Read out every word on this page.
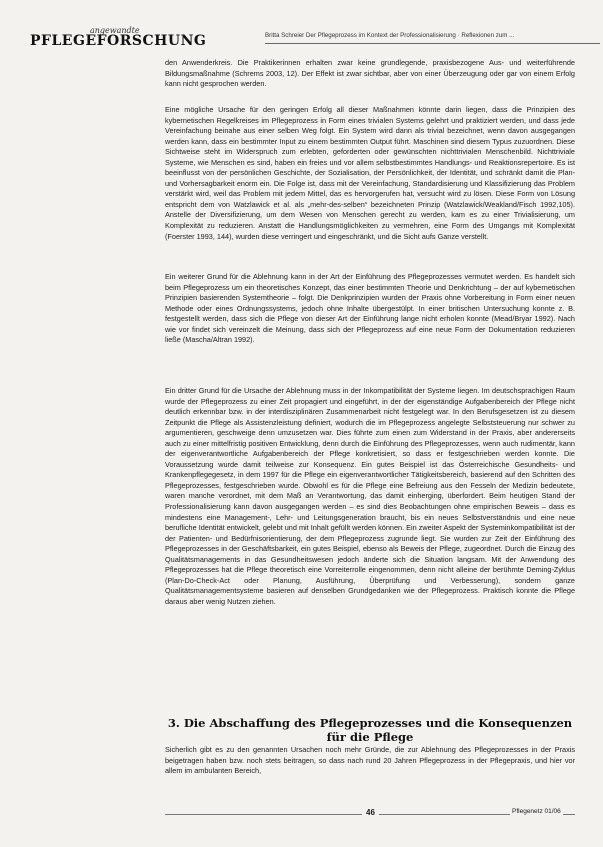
angewandte
PFLEGEFORSCHUNG	Britta Schreier Der Pflegeprozess im Kontext der Professionalisierung · Reflexionen zum ...

den Anwenderkreis. Die Praktikerinnen erhalten zwar keine grundlegende, praxisbezogene Aus- und weiterführende Bildungsmaßnahme (Schrems 2003, 12). Der Effekt ist zwar sichtbar, aber von einer Überzeugung oder gar von einem Erfolg kann nicht gesprochen werden.

Eine mögliche Ursache für den geringen Erfolg all dieser Maßnahmen könnte darin liegen, dass die Prinzipien des kybernetischen Regelkreises im Pflegeprozess in Form eines trivialen Systems gelehrt und praktiziert werden, und dass jede Vereinfachung beinahe aus einer selben Weg folgt. Ein System wird dann als trivial bezeichnet, wenn davon ausgegangen werden kann, dass ein bestimmter Input zu einem bestimmten Output führt. Maschinen sind diesem Typus zuzuordnen. Diese Sichtweise steht im Widerspruch zum erlebten, geforderten oder gewünschten nichttrivialen Menschenbild. Nichttriviale Systeme, wie Menschen es sind, haben ein freies und vor allem selbstbestimmtes Handlungs- und Reaktionsrepertoire. Es ist beeinflusst von der persönlichen Geschichte, der Sozialisation, der Persönlichkeit, der Identität, und schränkt damit die Plan- und Vorhersagbarkeit enorm ein. Die Folge ist, dass mit der Vereinfachung, Standardisierung und Klassifizierung das Problem verstärkt wird, weil das Problem mit jedem Mittel, das es hervorgerufen hat, versucht wird zu lösen. Diese Form von Lösung entspricht dem von Watzlawick et al. als „mehr-des-selben“ bezeichneten Prinzip (Watzlawick/Weakland/Fisch 1992,105). Anstelle der Diversifizierung, um dem Wesen von Menschen gerecht zu werden, kam es zu einer Trivialisierung, um Komplexität zu reduzieren. Anstatt die Handlungsmöglichkeiten zu vermehren, eine Form des Umgangs mit Komplexität (Foerster 1993, 144), wurden diese verringert und eingeschränkt, und die Sicht aufs Ganze verstellt.

Ein weiterer Grund für die Ablehnung kann in der Art der Einführung des Pflegeprozesses vermutet werden. Es handelt sich beim Pflegeprozess um ein theoretisches Konzept, das einer bestimmten Theorie und Denkrichtung – der auf kybernetischen Prinzipien basierenden Systemtheorie – folgt. Die Denkprinzipien wurden der Praxis ohne Vorbereitung in Form einer neuen Methode oder eines Ordnungssystems, jedoch ohne Inhalte übergestülpt. In einer britischen Untersuchung konnte z. B. festgestellt werden, dass sich die Pflege von dieser Art der Einführung lange nicht erholen konnte (Mead/Bryar 1992). Nach wie vor findet sich vereinzelt die Meinung, dass sich der Pflegeprozess auf eine neue Form der Dokumentation reduzieren ließe (Mascha/Altran 1992).

Ein dritter Grund für die Ursache der Ablehnung muss in der Inkompatibilität der Systeme liegen. Im deutschsprachigen Raum wurde der Pflegeprozess zu einer Zeit propagiert und eingeführt, in der der eigenständige Aufgabenbereich der Pflege nicht deutlich erkennbar bzw. in der interdisziplinären Zusammenarbeit nicht festgelegt war. In den Berufsgesetzen ist zu diesem Zeitpunkt die Pflege als Assistenzleistung definiert, wodurch die im Pflegeprozess angelegte Selbststeuerung nur schwer zu argumentieren, geschweige denn umzusetzen war. Dies führte zum einen zum Widerstand in der Praxis, aber andererseits auch zu einer mittelfristig positiven Entwicklung, denn durch die Einführung des Pflegeprozesses, wenn auch rudimentär, kann der eigenverantwortliche Aufgabenbereich der Pflege konkretisiert, so dass er festgeschrieben werden konnte. Die Voraussetzung wurde damit teilweise zur Konsequenz. Ein gutes Beispiel ist das Österreichische Gesundheits- und Krankenpflegegesetz, in dem 1997 für die Pflege ein eigenverantwortlicher Tätigkeitsbereich, basierend auf den Schritten des Pflegeprozesses, festgeschrieben wurde. Obwohl es für die Pflege eine Befreiung aus den Fesseln der Medizin bedeutete, waren manche verordnet, mit dem Maß an Verantwortung, das damit einherging, überfordert. Beim heutigen Stand der Professionalisierung kann davon ausgegangen werden – es sind dies Beobachtungen ohne empirischen Beweis – dass es mindestens eine Management-, Lehr- und Leitungsgeneration braucht, bis ein neues Selbstverständnis und eine neue berufliche Identität entwickelt, gelebt und mit Inhalt gefüllt werden können. Ein zweiter Aspekt der Systeminkompatibilität ist der der Patienten- und Bedürfnisorientierung, der dem Pflegeprozess zugrunde liegt. Sie wurden zur Zeit der Einführung des Pflegeprozesses in der Geschäftsbarkeit, ein gutes Beispiel, ebenso als Beweis der Pflege, zugeordnet. Durch die Einzug des Qualitätsmanagements in das Gesundheitswesen jedoch änderte sich die Situation langsam. Mit der Anwendung des Pflegeprozesses hat die Pflege theoretisch eine Vorreiterrolle eingenommen, denn nicht alleine der berühmte Deming-Zyklus (Plan-Do-Check-Act oder Planung, Ausführung, Überprüfung und Verbesserung), sondern ganze Qualitätsmanagementsysteme basieren auf denselben Grundgedanken wie der Pflegeprozess. Praktisch konnte die Pflege daraus aber wenig Nutzen ziehen.

3. Die Abschaffung des Pflegeprozesses und die Konsequenzen für die Pflege

Sicherlich gibt es zu den genannten Ursachen noch mehr Gründe, die zur Ablehnung des Pflegeprozesses in der Praxis beigetragen haben bzw. noch stets beitragen, so dass nach rund 20 Jahren Pflegeprozess in der Pflegepraxis, und hier vor allem im ambulanten Bereich,

46	Pflegenetz 01/06
